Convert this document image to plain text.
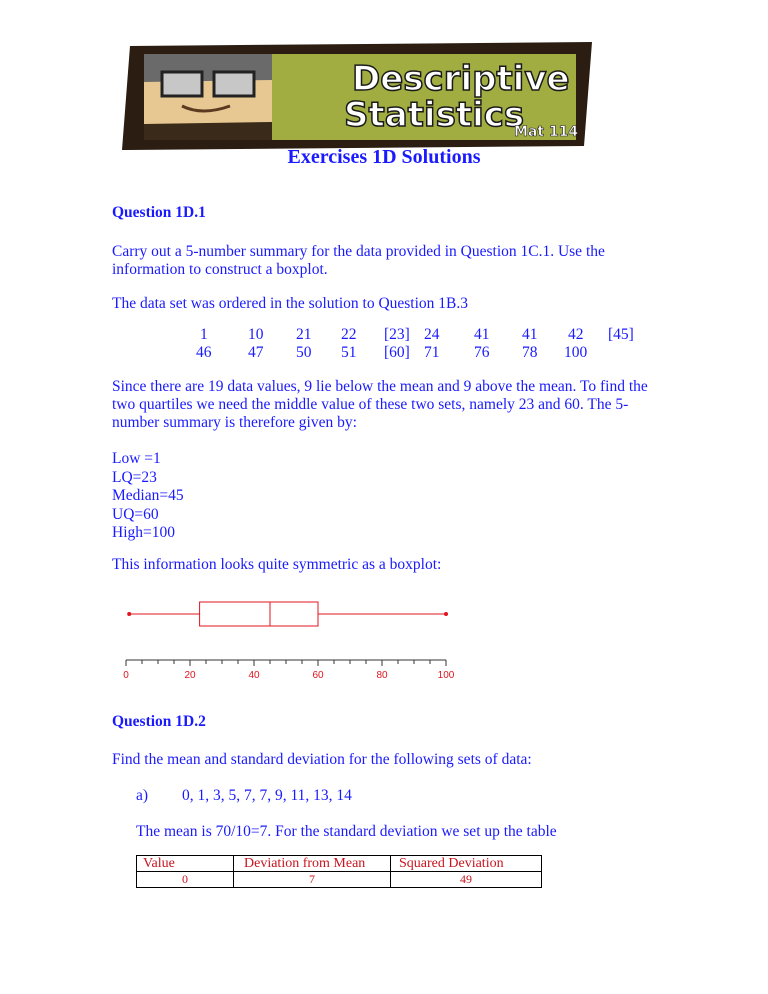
Descriptive
Statistics
Mat 114
Exercises 1D Solutions
Question 1D.1
Carry out a 5-number summary for the data provided in Question 1C.1. Use the
information to construct a boxplot.
The data set was ordered in the solution to Question 1B.3
1	10 21 22 [23] 24 41 41 42 [45]
46 47 50 51 [60] 71 76 78 100
Since there are 19 data values, 9 lie below the mean and 9 above the mean. To find the
two quartiles we need the middle value of these two sets, namely 23 and 60. The 5-
number summary is therefore given by:
Low =1
LQ=23
Median=45
UQ=60
High=100
This information looks quite symmetric as a boxplot:
0	20	40	60	80	100
Question 1D.2
Find the mean and standard deviation for the following sets of data:
a) 0, 1, 3, 5, 7, 7, 9, 11, 13, 14
The mean is 70/10=7. For the standard deviation we set up the table
Value	Deviation from Mean	Squared Deviation
0	7	49
